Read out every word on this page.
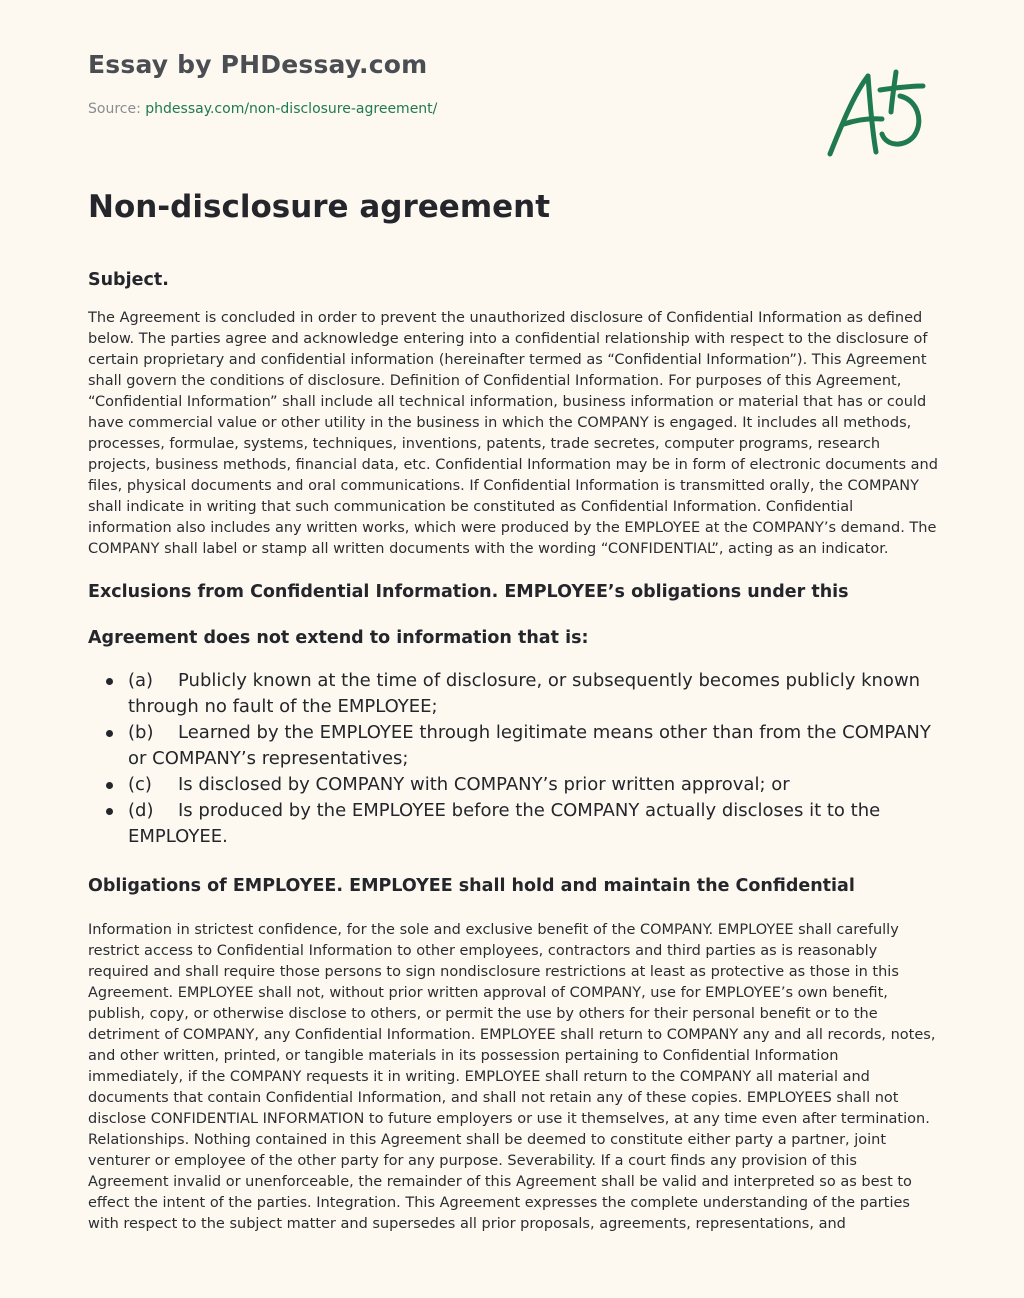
Essay by PHDessay.com
Source: phdessay.com/non-disclosure-agreement/
Non-disclosure agreement
Subject.

The Agreement is concluded in order to prevent the unauthorized disclosure of Confidential Information as defined below. The parties agree and acknowledge entering into a confidential relationship with respect to the disclosure of certain proprietary and confidential information (hereinafter termed as “Confidential Information”). This Agreement shall govern the conditions of disclosure. Definition of Confidential Information. For purposes of this Agreement, “Confidential Information” shall include all technical information, business information or material that has or could have commercial value or other utility in the business in which the COMPANY is engaged. It includes all methods, processes, formulae, systems, techniques, inventions, patents, trade secretes, computer programs, research projects, business methods, financial data, etc. Confidential Information may be in form of electronic documents and files, physical documents and oral communications. If Confidential Information is transmitted orally, the COMPANY shall indicate in writing that such communication be constituted as Confidential Information. Confidential information also includes any written works, which were produced by the EMPLOYEE at the COMPANY’s demand. The COMPANY shall label or stamp all written documents with the wording “CONFIDENTIAL”, acting as an indicator.

Exclusions from Confidential Information. EMPLOYEE’s obligations under this
Agreement does not extend to information that is:
(a) Publicly known at the time of disclosure, or subsequently becomes publicly known through no fault of the EMPLOYEE;
(b) Learned by the EMPLOYEE through legitimate means other than from the COMPANY or COMPANY’s representatives;
(c) Is disclosed by COMPANY with COMPANY’s prior written approval; or
(d) Is produced by the EMPLOYEE before the COMPANY actually discloses it to the EMPLOYEE.
Obligations of EMPLOYEE. EMPLOYEE shall hold and maintain the Confidential

Information in strictest confidence, for the sole and exclusive benefit of the COMPANY. EMPLOYEE shall carefully restrict access to Confidential Information to other employees, contractors and third parties as is reasonably required and shall require those persons to sign nondisclosure restrictions at least as protective as those in this Agreement. EMPLOYEE shall not, without prior written approval of COMPANY, use for EMPLOYEE’s own benefit, publish, copy, or otherwise disclose to others, or permit the use by others for their personal benefit or to the detriment of COMPANY, any Confidential Information. EMPLOYEE shall return to COMPANY any and all records, notes, and other written, printed, or tangible materials in its possession pertaining to Confidential Information immediately, if the COMPANY requests it in writing. EMPLOYEE shall return to the COMPANY all material and documents that contain Confidential Information, and shall not retain any of these copies. EMPLOYEES shall not disclose CONFIDENTIAL INFORMATION to future employers or use it themselves, at any time even after termination. Relationships. Nothing contained in this Agreement shall be deemed to constitute either party a partner, joint venturer or employee of the other party for any purpose. Severability. If a court finds any provision of this Agreement invalid or unenforceable, the remainder of this Agreement shall be valid and interpreted so as best to effect the intent of the parties. Integration. This Agreement expresses the complete understanding of the parties with respect to the subject matter and supersedes all prior proposals, agreements, representations, and
